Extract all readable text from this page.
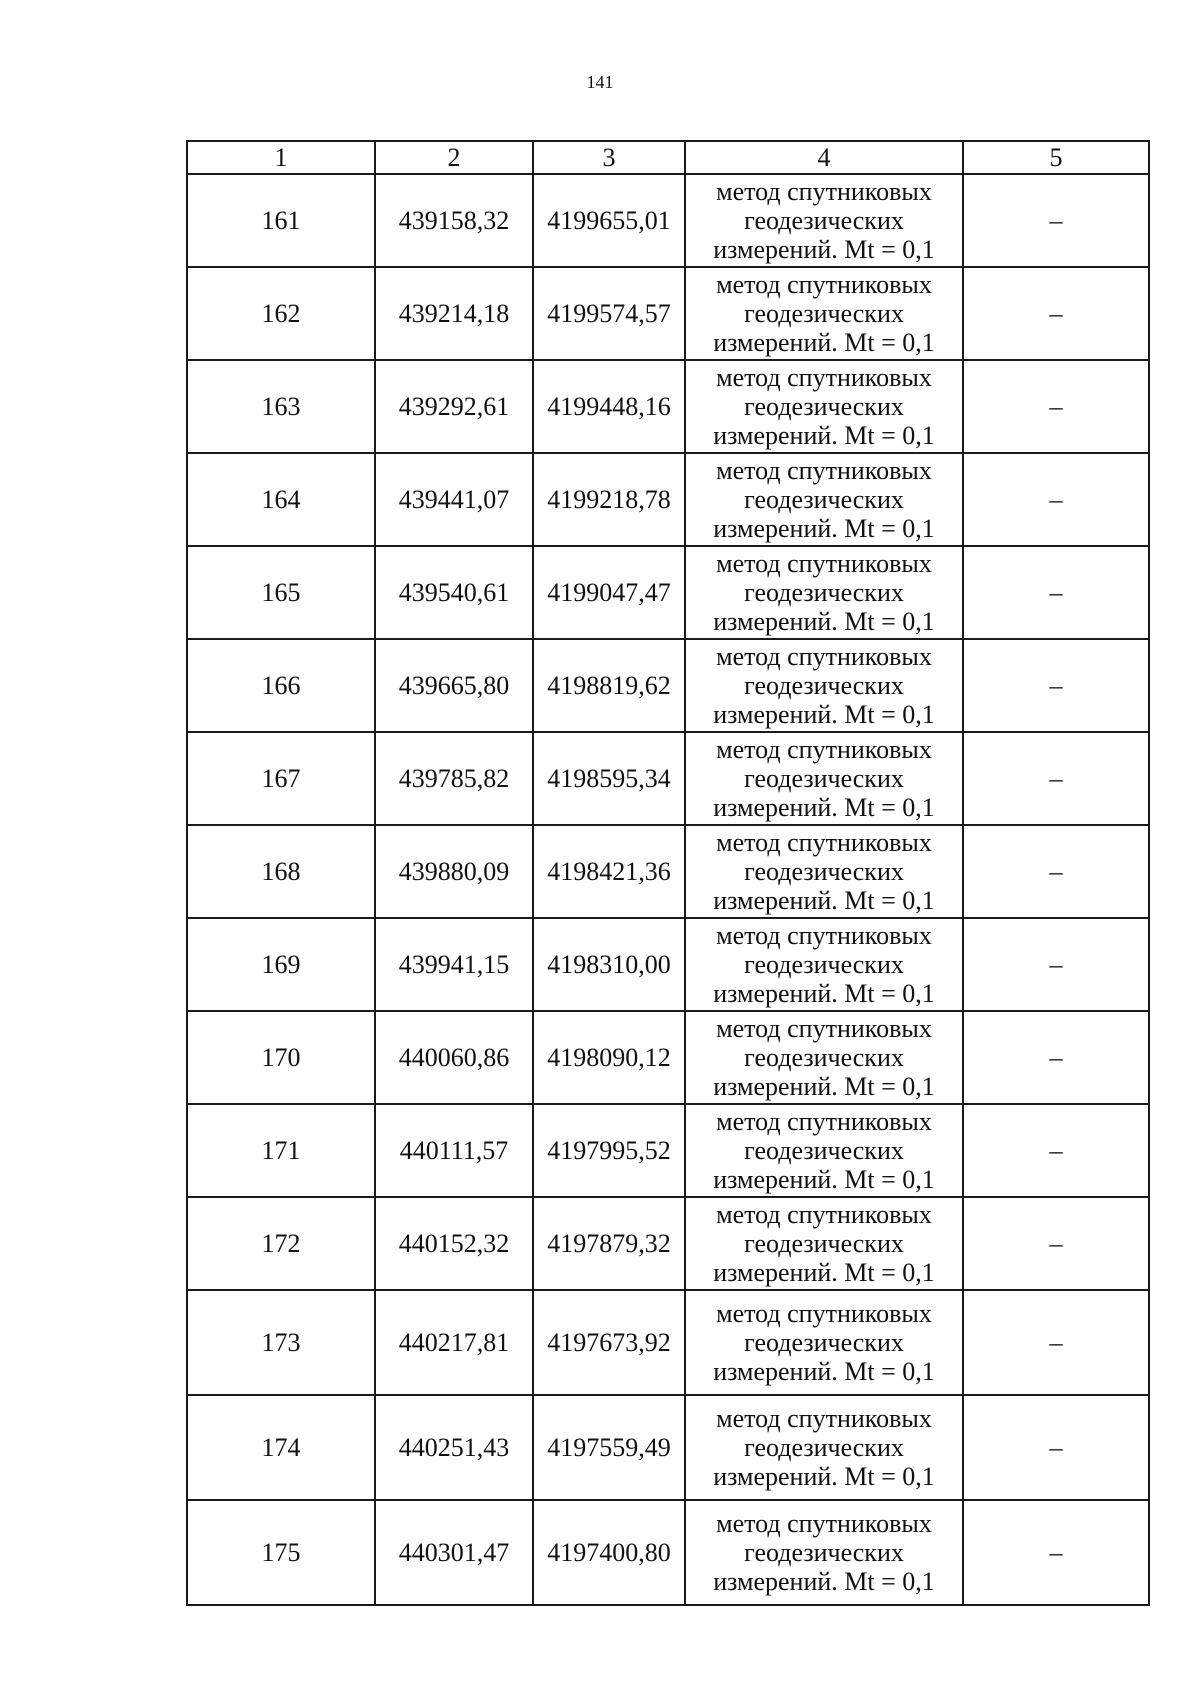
141
1	2	3	4	5
161	439158,32	4199655,01	метод спутниковых
геодезических
измерений. Mt = 0,1	–
162	439214,18	4199574,57	метод спутниковых
геодезических
измерений. Mt = 0,1	–
163	439292,61	4199448,16	метод спутниковых
геодезических
измерений. Mt = 0,1	–
164	439441,07	4199218,78	метод спутниковых
геодезических
измерений. Mt = 0,1	–
165	439540,61	4199047,47	метод спутниковых
геодезических
измерений. Mt = 0,1	–
166	439665,80	4198819,62	метод спутниковых
геодезических
измерений. Mt = 0,1	–
167	439785,82	4198595,34	метод спутниковых
геодезических
измерений. Mt = 0,1	–
168	439880,09	4198421,36	метод спутниковых
геодезических
измерений. Mt = 0,1	–
169	439941,15	4198310,00	метод спутниковых
геодезических
измерений. Mt = 0,1	–
170	440060,86	4198090,12	метод спутниковых
геодезических
измерений. Mt = 0,1	–
171	440111,57	4197995,52	метод спутниковых
геодезических
измерений. Mt = 0,1	–
172	440152,32	4197879,32	метод спутниковых
геодезических
измерений. Mt = 0,1	–
173	440217,81	4197673,92	метод спутниковых
геодезических
измерений. Mt = 0,1	–
174	440251,43	4197559,49	метод спутниковых
геодезических
измерений. Mt = 0,1	–
175	440301,47	4197400,80	метод спутниковых
геодезических
измерений. Mt = 0,1	–
